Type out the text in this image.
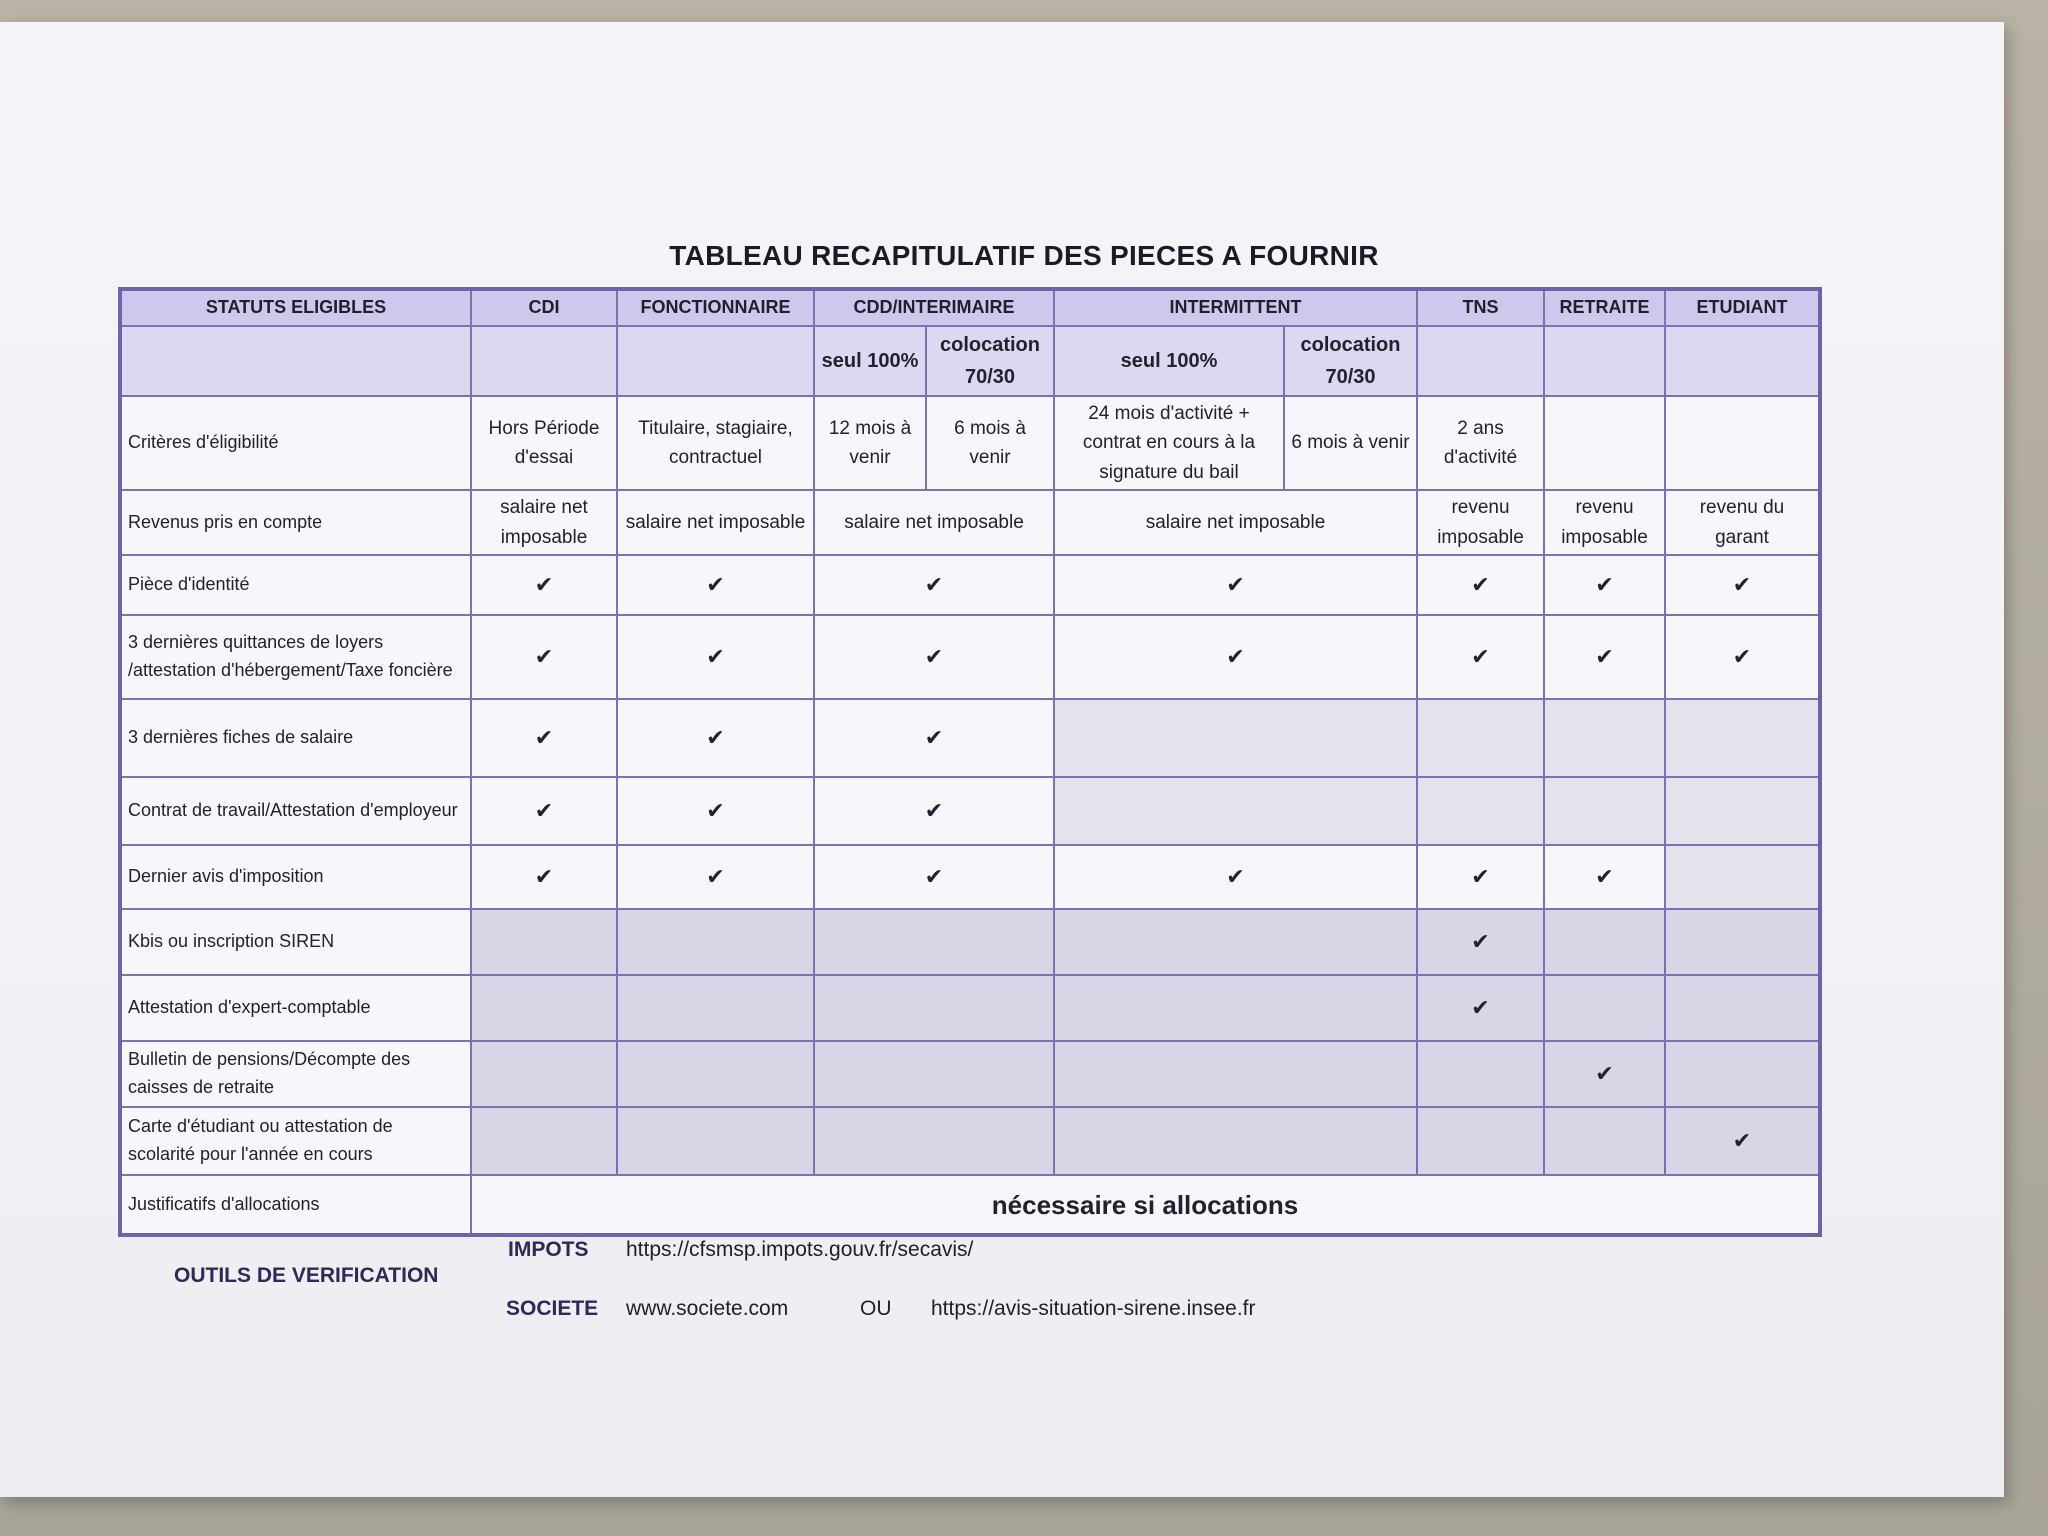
TABLEAU RECAPITULATIF DES PIECES A FOURNIR
STATUTS ELIGIBLES	CDI	FONCTIONNAIRE	CDD/INTERIMAIRE		INTERMITTENT		TNS	RETRAITE	ETUDIANT
			seul 100%	colocation 70/30	seul 100%	colocation 70/30			
Critères d'éligibilité	Hors Période d'essai	Titulaire, stagiaire, contractuel	12 mois à venir	6 mois à venir	24 mois d'activité + contrat en cours à la signature du bail	6 mois à venir	2 ans d'activité		
Revenus pris en compte	salaire net imposable	salaire net imposable	salaire net imposable		salaire net imposable		revenu imposable	revenu imposable	revenu du garant
Pièce d'identité	✔	✔	✔		✔		✔	✔	✔
3 dernières quittances de loyers /attestation d'hébergement/Taxe foncière	✔	✔	✔		✔		✔	✔	✔
3 dernières fiches de salaire	✔	✔	✔						
Contrat de travail/Attestation d'employeur	✔	✔	✔						
Dernier avis d'imposition	✔	✔	✔		✔		✔	✔	
Kbis ou inscription SIREN							✔		
Attestation d'expert-comptable							✔		
Bulletin de pensions/Décompte des caisses de retraite								✔	
Carte d'étudiant ou attestation de scolarité pour l'année en cours									✔
Justificatifs d'allocations	nécessaire si allocations								
OUTILS DE VERIFICATION
IMPOTS https://cfsmsp.impots.gouv.fr/secavis/
SOCIETE www.societe.com	OU https://avis-situation-sirene.insee.fr
